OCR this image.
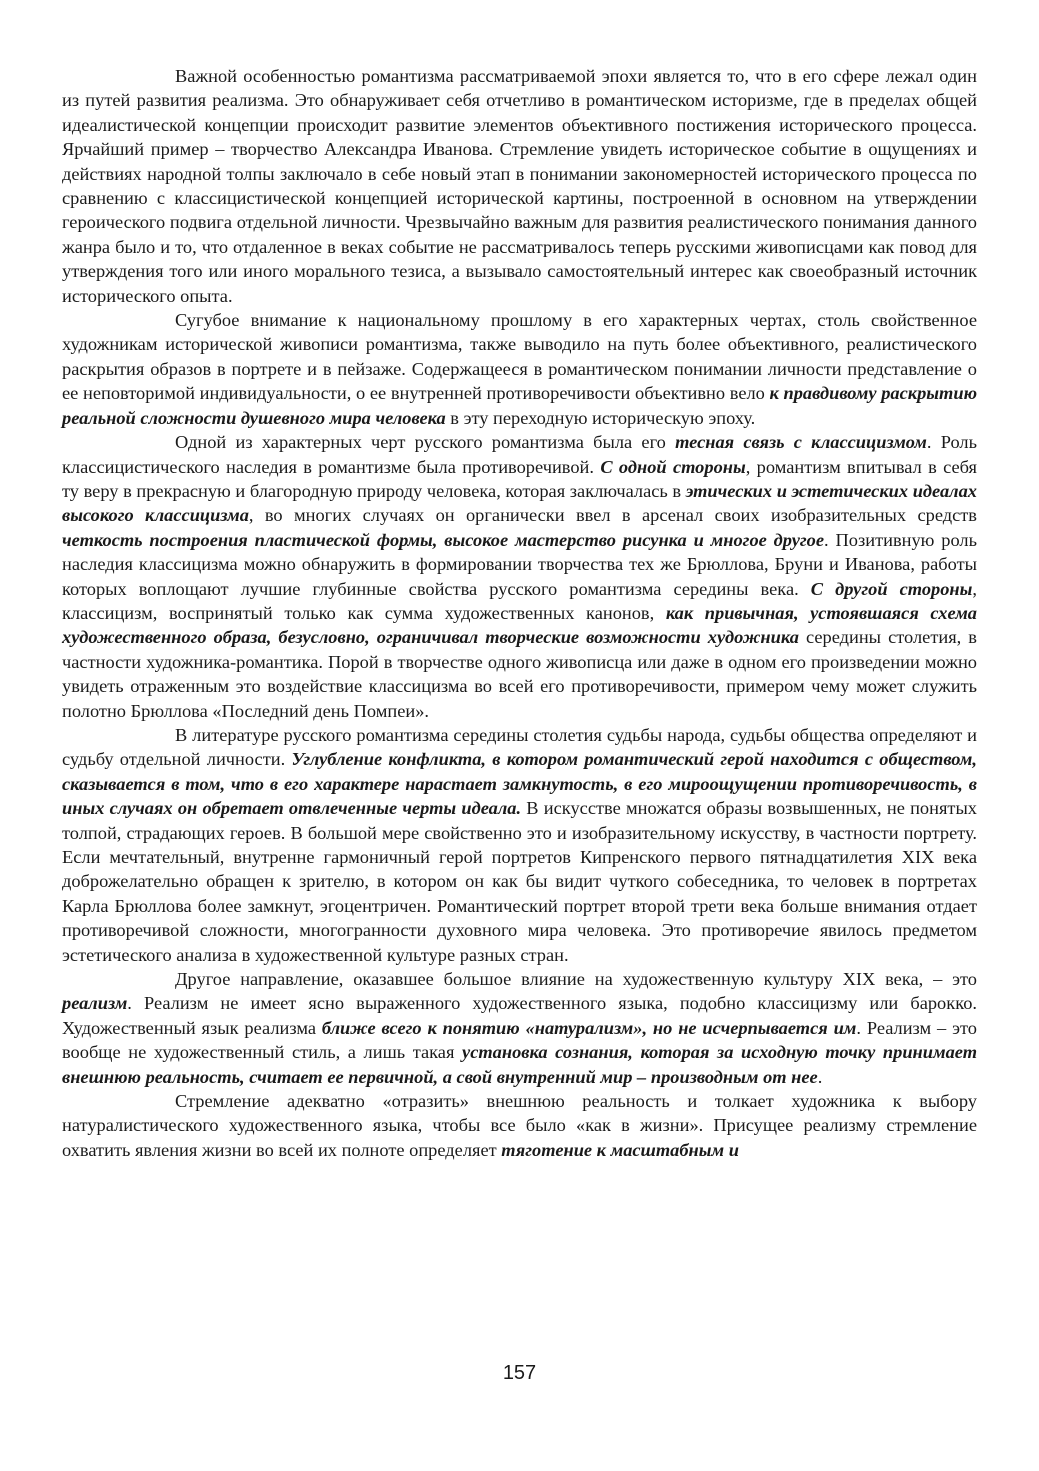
Важной особенностью романтизма рассматриваемой эпохи является то, что в его сфере лежал один из путей развития реализма. Это обнаруживает себя отчетливо в романтическом историзме, где в пределах общей идеалистической концепции происходит развитие элементов объективного постижения исторического процесса. Ярчайший пример – творчество Александра Иванова. Стремление увидеть историческое событие в ощущениях и действиях народной толпы заключало в себе новый этап в понимании закономерностей исторического процесса по сравнению с классицистической концепцией исторической картины, построенной в основном на утверждении героического подвига отдельной личности. Чрезвычайно важным для развития реалистического понимания данного жанра было и то, что отдаленное в веках событие не рассматривалось теперь русскими живописцами как повод для утверждения того или иного морального тезиса, а вызывало самостоятельный интерес как своеобразный источник исторического опыта.

Сугубое внимание к национальному прошлому в его характерных чертах, столь свойственное художникам исторической живописи романтизма, также выводило на путь более объективного, реалистического раскрытия образов в портрете и в пейзаже. Содержащееся в романтическом понимании личности представление о ее неповторимой индивидуальности, о ее внутренней противоречивости объективно вело к правдивому раскрытию реальной сложности душевного мира человека в эту переходную историческую эпоху.

Одной из характерных черт русского романтизма была его тесная связь с классицизмом. Роль классицистического наследия в романтизме была противоречивой. С одной стороны, романтизм впитывал в себя ту веру в прекрасную и благородную природу человека, которая заключалась в этических и эстетических идеалах высокого классицизма, во многих случаях он органически ввел в арсенал своих изобразительных средств четкость построения пластической формы, высокое мастерство рисунка и многое другое. Позитивную роль наследия классицизма можно обнаружить в формировании творчества тех же Брюллова, Бруни и Иванова, работы которых воплощают лучшие глубинные свойства русского романтизма середины века. С другой стороны, классицизм, воспринятый только как сумма художественных канонов, как привычная, устоявшаяся схема художественного образа, безусловно, ограничивал творческие возможности художника середины столетия, в частности художника-романтика. Порой в творчестве одного живописца или даже в одном его произведении можно увидеть отраженным это воздействие классицизма во всей его противоречивости, примером чему может служить полотно Брюллова «Последний день Помпеи».

В литературе русского романтизма середины столетия судьбы народа, судьбы общества определяют и судьбу отдельной личности. Углубление конфликта, в котором романтический герой находится с обществом, сказывается в том, что в его характере нарастает замкнутость, в его мироощущении противоречивость, в иных случаях он обретает отвлеченные черты идеала. В искусстве множатся образы возвышенных, не понятых толпой, страдающих героев. В большой мере свойственно это и изобразительному искусству, в частности портрету. Если мечтательный, внутренне гармоничный герой портретов Кипренского первого пятнадцатилетия XIX века доброжелательно обращен к зрителю, в котором он как бы видит чуткого собеседника, то человек в портретах Карла Брюллова более замкнут, эгоцентричен. Романтический портрет второй трети века больше внимания отдает противоречивой сложности, многогранности духовного мира человека. Это противоречие явилось предметом эстетического анализа в художественной культуре разных стран.

Другое направление, оказавшее большое влияние на художественную культуру XIX века, – это реализм. Реализм не имеет ясно выраженного художественного языка, подобно классицизму или барокко. Художественный язык реализма ближе всего к понятию «натурализм», но не исчерпывается им. Реализм – это вообще не художественный стиль, а лишь такая установка сознания, которая за исходную точку принимает внешнюю реальность, считает ее первичной, а свой внутренний мир – производным от нее.

Стремление адекватно «отразить» внешнюю реальность и толкает художника к выбору натуралистического художественного языка, чтобы все было «как в жизни». Присущее реализму стремление охватить явления жизни во всей их полноте определяет тяготение к масштабным и

157
